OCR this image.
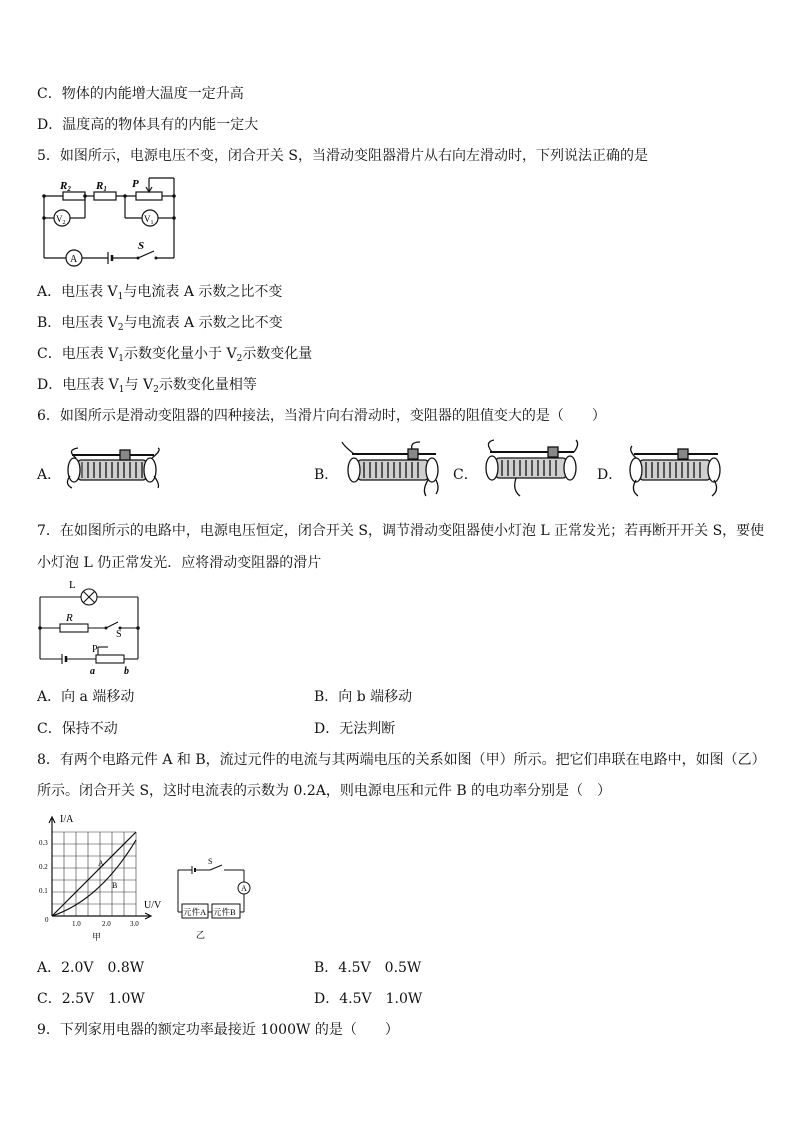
C．物体的内能增大温度一定升高
D．温度高的物体具有的内能一定大
5．如图所示，电源电压不变，闭合开关 S，当滑动变阻器滑片从右向左滑动时，下列说法正确的是
R2 R1 P
$V_2$	$V_1$
A
S
A．电压表 $V_1$与电流表 A 示数之比不变
B．电压表 $V_2$与电流表 A 示数之比不变
C．电压表 $V_1$示数变化量小于 $V_2$示数变化量
D．电压表 $V_1$与 $V_2$示数变化量相等
6．如图所示是滑动变阻器的四种接法，当滑片向右滑动时，变阻器的阻值变大的是（　　）
A．	B．	C．	D．
7．在如图所示的电路中，电源电压恒定，闭合开关 S，调节滑动变阻器使小灯泡 L 正常发光；若再断开开关 S，要使
小灯泡 L 仍正常发光．应将滑动变阻器的滑片
L
R
S
P
a	b
A．向 a 端移动	B．向 b 端移动
C．保持不动	D．无法判断
8．有两个电路元件 A 和 B，流过元件的电流与其两端电压的关系如图（甲）所示。把它们串联在电路中，如图（乙）
所示。闭合开关 S，这时电流表的示数为 0.2A，则电源电压和元件 B 的电功率分别是（　）
I/A
U/V
0
0.1
0.2
0.3
1.0	2.0	3.0
A
B
甲
S
A
元件A 元件B
乙
A．2.0V　0.8W	B．4.5V　0.5W
C．2.5V　1.0W	D．4.5V　1.0W
9．下列家用电器的额定功率最接近 1000W 的是（　　）
